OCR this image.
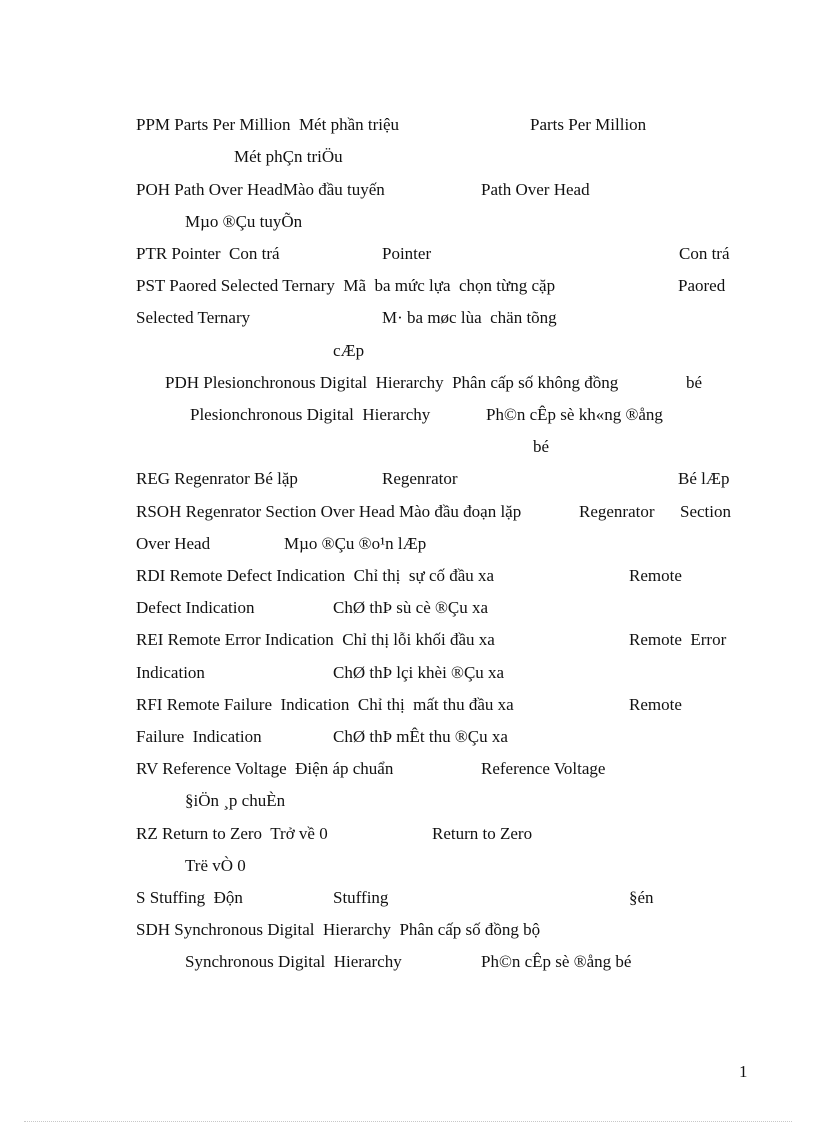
PPM Parts Per Million  Mét phần triệu	Parts Per Million
Mét phÇn triÖu
POH Path Over HeadMào đầu tuyến	Path Over Head
Mµo ®Çu tuyÕn
PTR Pointer  Con trá	Pointer	Con trá
PST Paored Selected Ternary  Mã  ba mức lựa  chọn từng cặp	Paored
Selected Ternary	M· ba møc lùa  chän tõng
cÆp
PDH Plesionchronous Digital  Hierarchy  Phân cấp số không đồng	bé
Plesionchronous Digital  Hierarchy	Ph©n cÊp sè kh«ng ®ång
bé
REG Regenrator Bé lặp	Regenrator	Bé lÆp
RSOH Regenrator Section Over Head Mào đầu đoạn lặp	Regenrator Section
Over Head	Mµo ®Çu ®o¹n lÆp
RDI Remote Defect Indication  Chỉ thị  sự cố đầu xa	Remote
Defect Indication	ChØ thÞ sù cè ®Çu xa
REI Remote Error Indication  Chỉ thị lỗi khối đầu xa	Remote  Error
Indication	ChØ thÞ lçi khèi ®Çu xa
RFI Remote Failure  Indication  Chỉ thị  mất thu đầu xa	Remote
Failure  Indication	ChØ thÞ mÊt thu ®Çu xa
RV Reference Voltage  Điện áp chuẩn	Reference Voltage
§iÖn ¸p chuÈn
RZ Return to Zero  Trở về 0	Return to Zero
Trë vÒ 0
S Stuffing  Độn	Stuffing	§én
SDH Synchronous Digital  Hierarchy  Phân cấp số đồng bộ
Synchronous Digital  Hierarchy	Ph©n cÊp sè ®ång bé
1
